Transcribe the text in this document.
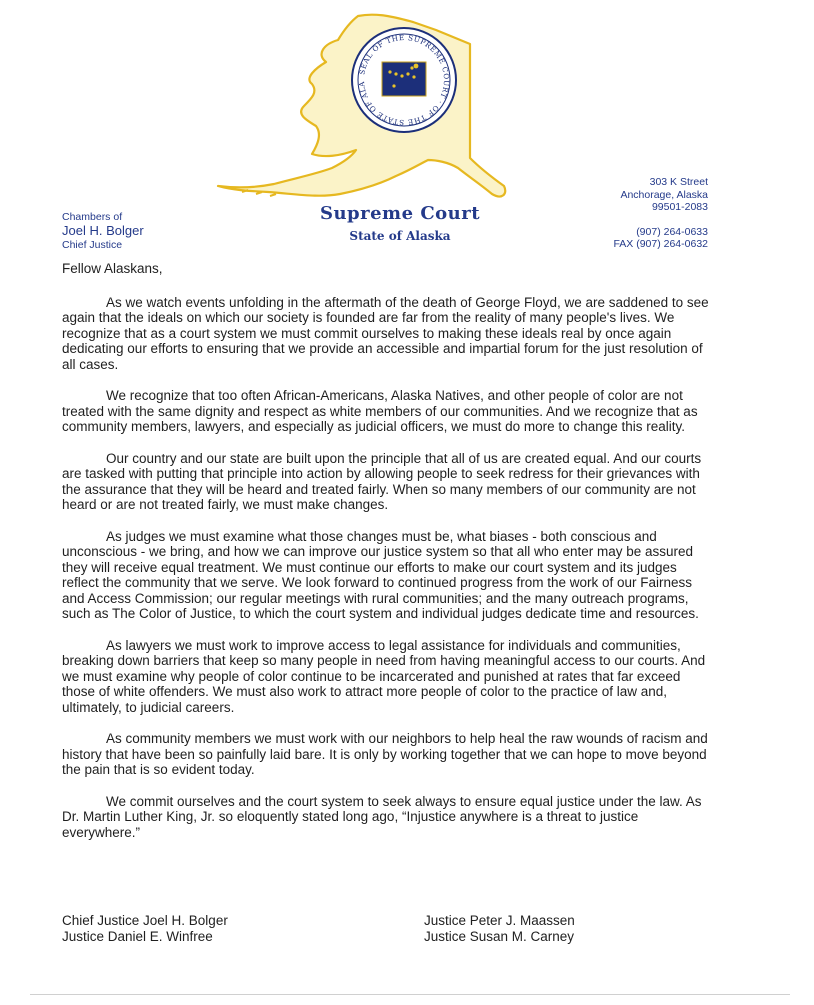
SEAL OF THE SUPREME COURT · OF THE STATE OF ALA
Supreme Court
State of Alaska
Chambers of
Joel H. Bolger
Chief Justice
303 K Street
Anchorage, Alaska
99501-2083
(907) 264-0633
FAX (907) 264-0632

Fellow Alaskans,

As we watch events unfolding in the aftermath of the death of George Floyd, we are saddened to see again that the ideals on which our society is founded are far from the reality of many people's lives. We recognize that as a court system we must commit ourselves to making these ideals real by once again dedicating our efforts to ensuring that we provide an accessible and impartial forum for the just resolution of all cases.

We recognize that too often African-Americans, Alaska Natives, and other people of color are not treated with the same dignity and respect as white members of our communities. And we recognize that as community members, lawyers, and especially as judicial officers, we must do more to change this reality.

Our country and our state are built upon the principle that all of us are created equal. And our courts are tasked with putting that principle into action by allowing people to seek redress for their grievances with the assurance that they will be heard and treated fairly. When so many members of our community are not heard or are not treated fairly, we must make changes.

As judges we must examine what those changes must be, what biases - both conscious and unconscious - we bring, and how we can improve our justice system so that all who enter may be assured they will receive equal treatment. We must continue our efforts to make our court system and its judges reflect the community that we serve. We look forward to continued progress from the work of our Fairness and Access Commission; our regular meetings with rural communities; and the many outreach programs, such as The Color of Justice, to which the court system and individual judges dedicate time and resources.

As lawyers we must work to improve access to legal assistance for individuals and communities, breaking down barriers that keep so many people in need from having meaningful access to our courts. And we must examine why people of color continue to be incarcerated and punished at rates that far exceed those of white offenders. We must also work to attract more people of color to the practice of law and, ultimately, to judicial careers.

As community members we must work with our neighbors to help heal the raw wounds of racism and history that have been so painfully laid bare. It is only by working together that we can hope to move beyond the pain that is so evident today.

We commit ourselves and the court system to seek always to ensure equal justice under the law. As Dr. Martin Luther King, Jr. so eloquently stated long ago, “Injustice anywhere is a threat to justice everywhere.”

Chief Justice Joel H. Bolger
Justice Daniel E. Winfree
Justice Peter J. Maassen
Justice Susan M. Carney
